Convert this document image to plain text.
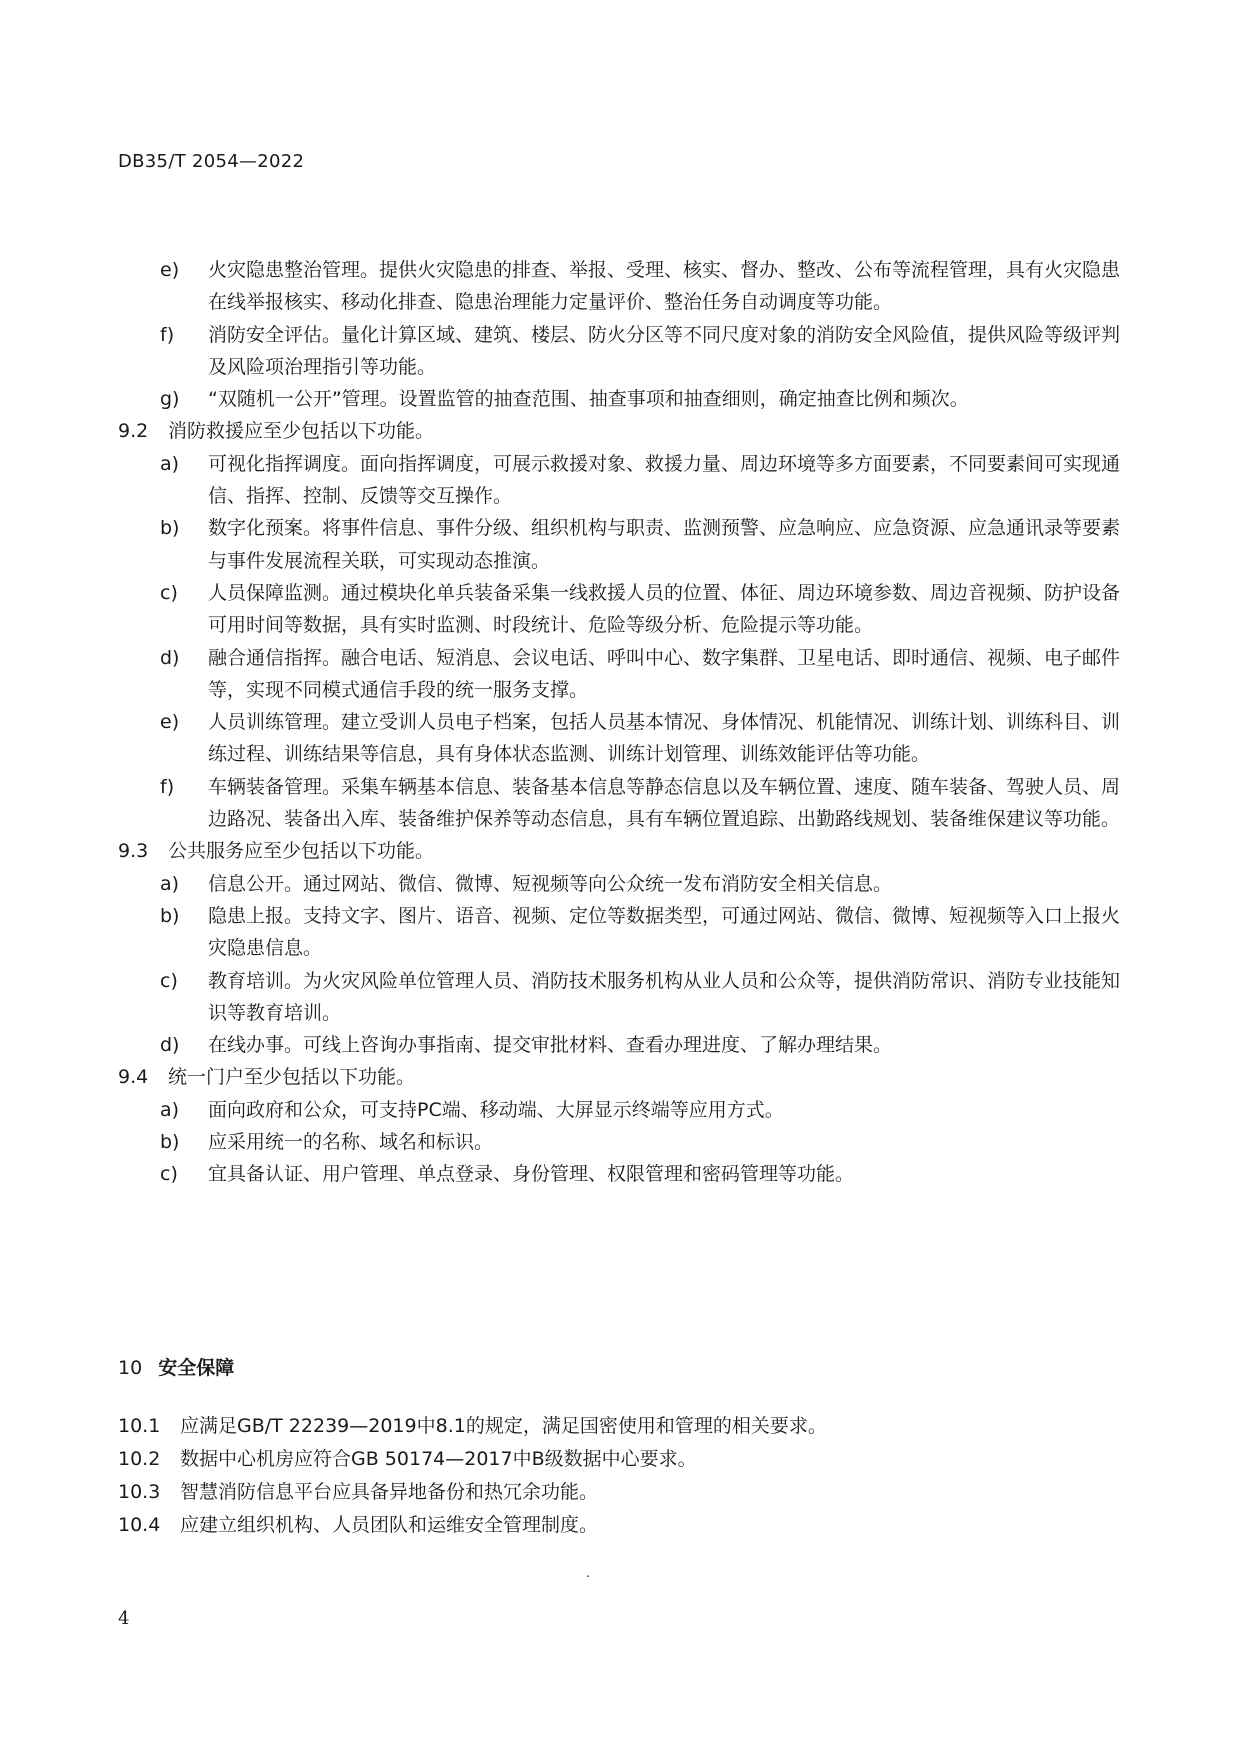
DB35/T 2054—2022
e) 火灾隐患整治管理。提供火灾隐患的排查、举报、受理、核实、督办、整改、公布等流程管理，具有火灾隐患在线举报核实、移动化排查、隐患治理能力定量评价、整治任务自动调度等功能。
f) 消防安全评估。量化计算区域、建筑、楼层、防火分区等不同尺度对象的消防安全风险值，提供风险等级评判及风险项治理指引等功能。
g) “双随机一公开”管理。设置监管的抽查范围、抽查事项和抽查细则，确定抽查比例和频次。
9.2 消防救援应至少包括以下功能。
a) 可视化指挥调度。面向指挥调度，可展示救援对象、救援力量、周边环境等多方面要素，不同要素间可实现通信、指挥、控制、反馈等交互操作。
b) 数字化预案。将事件信息、事件分级、组织机构与职责、监测预警、应急响应、应急资源、应急通讯录等要素与事件发展流程关联，可实现动态推演。
c) 人员保障监测。通过模块化单兵装备采集一线救援人员的位置、体征、周边环境参数、周边音视频、防护设备可用时间等数据，具有实时监测、时段统计、危险等级分析、危险提示等功能。
d) 融合通信指挥。融合电话、短消息、会议电话、呼叫中心、数字集群、卫星电话、即时通信、视频、电子邮件等，实现不同模式通信手段的统一服务支撑。
e) 人员训练管理。建立受训人员电子档案，包括人员基本情况、身体情况、机能情况、训练计划、训练科目、训练过程、训练结果等信息，具有身体状态监测、训练计划管理、训练效能评估等功能。
f) 车辆装备管理。采集车辆基本信息、装备基本信息等静态信息以及车辆位置、速度、随车装备、驾驶人员、周边路况、装备出入库、装备维护保养等动态信息，具有车辆位置追踪、出勤路线规划、装备维保建议等功能。
9.3 公共服务应至少包括以下功能。
a) 信息公开。通过网站、微信、微博、短视频等向公众统一发布消防安全相关信息。
b) 隐患上报。支持文字、图片、语音、视频、定位等数据类型，可通过网站、微信、微博、短视频等入口上报火灾隐患信息。
c) 教育培训。为火灾风险单位管理人员、消防技术服务机构从业人员和公众等，提供消防常识、消防专业技能知识等教育培训。
d) 在线办事。可线上咨询办事指南、提交审批材料、查看办理进度、了解办理结果。
9.4 统一门户至少包括以下功能。
a) 面向政府和公众，可支持PC端、移动端、大屏显示终端等应用方式。
b) 应采用统一的名称、域名和标识。
c) 宜具备认证、用户管理、单点登录、身份管理、权限管理和密码管理等功能。
10 安全保障
10.1 应满足GB/T 22239—2019中8.1的规定，满足国密使用和管理的相关要求。
10.2 数据中心机房应符合GB 50174—2017中B级数据中心要求。
10.3 智慧消防信息平台应具备异地备份和热冗余功能。
10.4 应建立组织机构、人员团队和运维安全管理制度。
.
4
